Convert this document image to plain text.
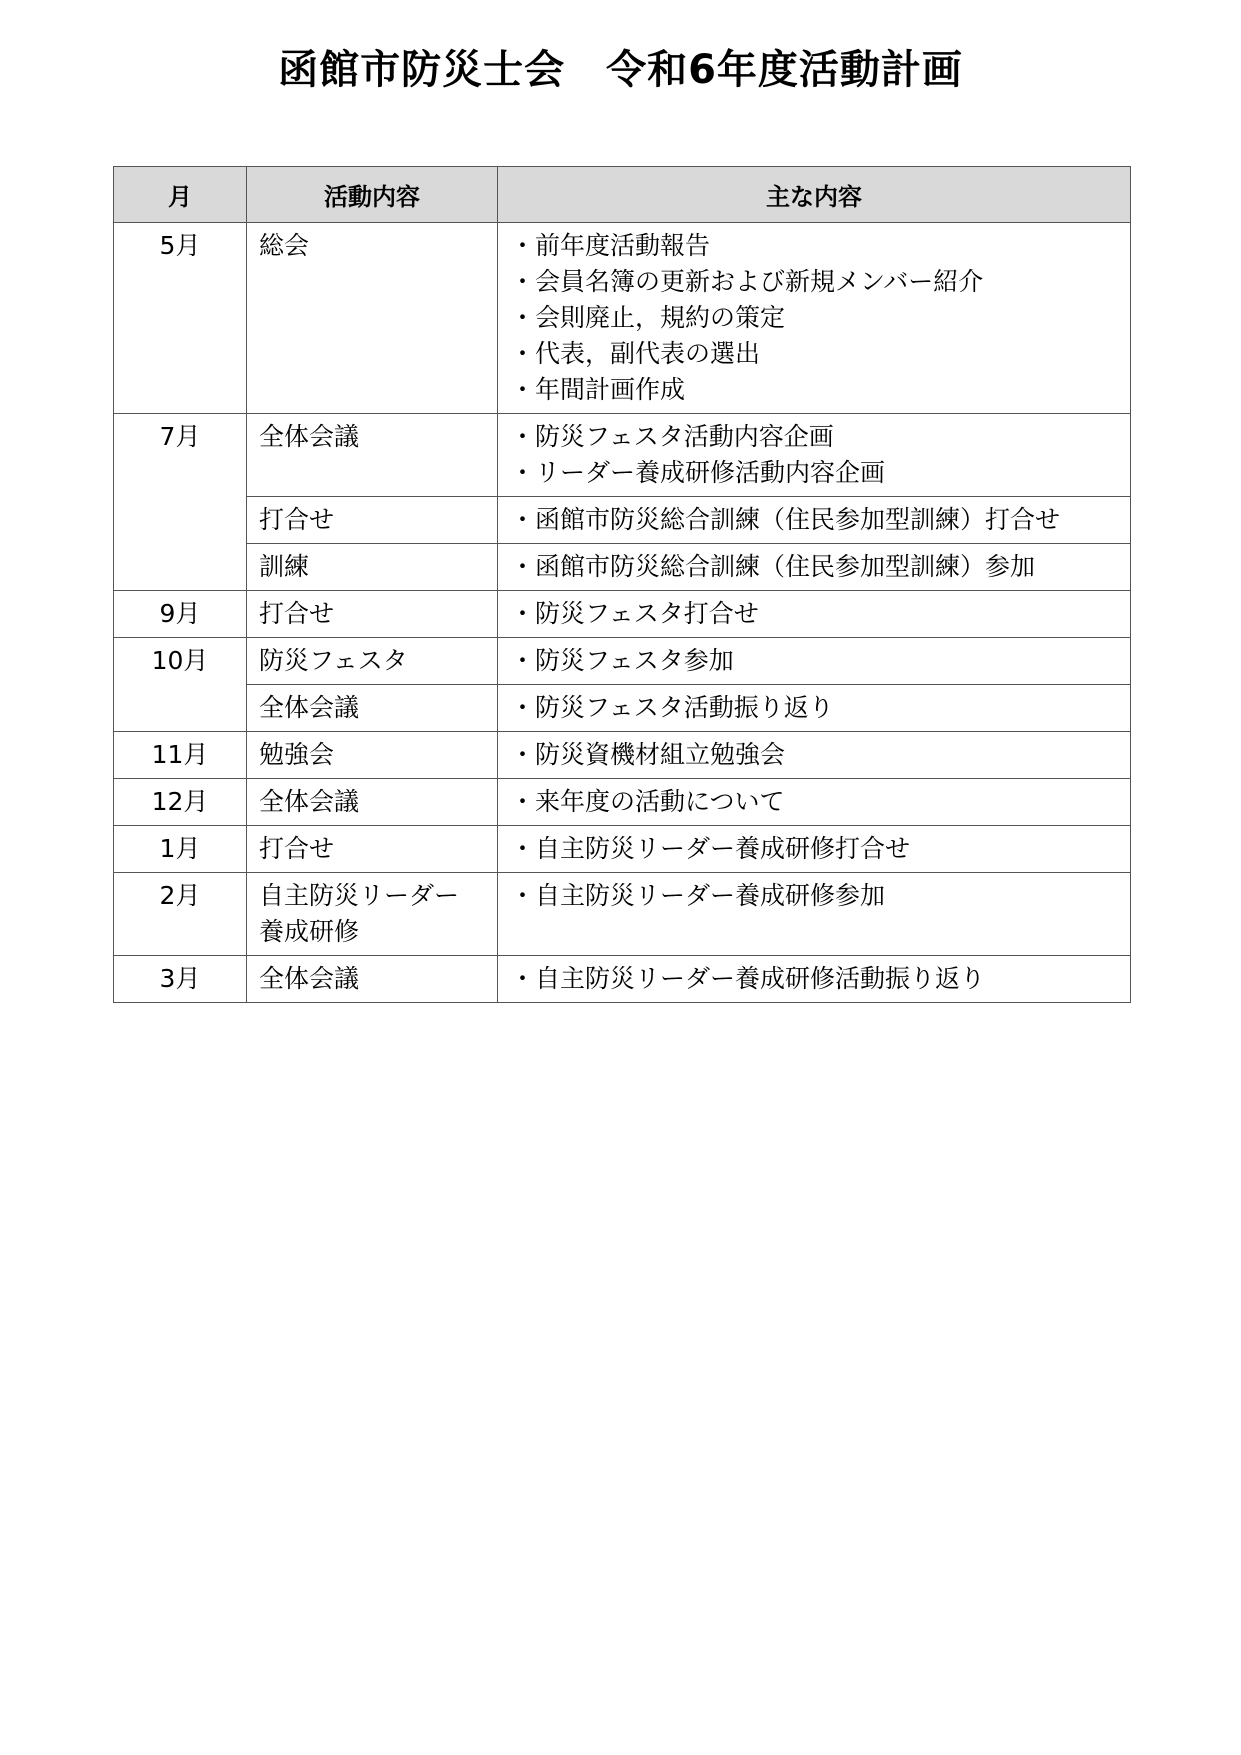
函館市防災士会　令和6年度活動計画
月	活動内容	主な内容
5月	総会	・前年度活動報告
・会員名簿の更新および新規メンバー紹介
・会則廃止，規約の策定
・代表，副代表の選出
・年間計画作成

7月	全体会議	・防災フェスタ活動内容企画
・リーダー養成研修活動内容企画

	打合せ	・函館市防災総合訓練（住民参加型訓練）打合せ

	訓練	・函館市防災総合訓練（住民参加型訓練）参加

9月	打合せ	・防災フェスタ打合せ

10月	防災フェスタ	・防災フェスタ参加

	全体会議	・防災フェスタ活動振り返り

11月	勉強会	・防災資機材組立勉強会

12月	全体会議	・来年度の活動について

1月	打合せ	・自主防災リーダー養成研修打合せ

2月	自主防災リーダー
養成研修	・自主防災リーダー養成研修参加

3月	全体会議	・自主防災リーダー養成研修活動振り返り
